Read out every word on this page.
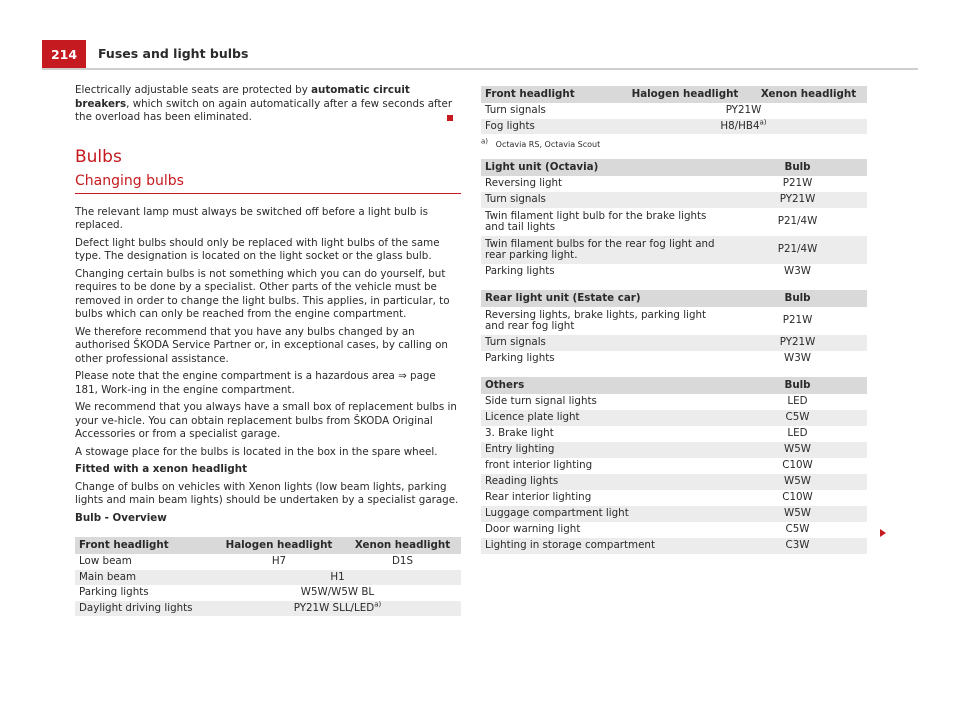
214	Fuses and light bulbs

Electrically adjustable seats are protected by automatic circuit breakers, which switch on again automatically after a few seconds after the overload has been eliminated.

Bulbs
Changing bulbs

The relevant lamp must always be switched off before a light bulb is replaced.

Defect light bulbs should only be replaced with light bulbs of the same type. The designation is located on the light socket or the glass bulb.

Changing certain bulbs is not something which you can do yourself, but requires to be done by a specialist. Other parts of the vehicle must be removed in order to change the light bulbs. This applies, in particular, to bulbs which can only be reached from the engine compartment.

We therefore recommend that you have any bulbs changed by an authorised ŠKODA Service Partner or, in exceptional cases, by calling on other professional assistance.

Please note that the engine compartment is a hazardous area ⇒ page 181, Work-ing in the engine compartment.

We recommend that you always have a small box of replacement bulbs in your ve-hicle. You can obtain replacement bulbs from ŠKODA Original Accessories or from a specialist garage.

A stowage place for the bulbs is located in the box in the spare wheel.

Fitted with a xenon headlight

Change of bulbs on vehicles with Xenon lights (low beam lights, parking lights and main beam lights) should be undertaken by a specialist garage.

Bulb - Overview

Front headlight	Halogen headlight	Xenon headlight
Low beam	H7	D1S
Main beam	H1	
Parking lights	W5W/W5W BL	
Daylight driving lights	PY21W SLL/LED$^{a)}$
Front headlight	Halogen headlight	Xenon headlight
Turn signals	PY21W	
Fog lights	H8/HB4$^{a)}$
$^{a)}$ Octavia RS, Octavia Scout
Light unit (Octavia)	Bulb
Reversing light	P21W
Turn signals	PY21W
Twin filament light bulb for the brake lights and tail lights	P21/4W
Twin filament bulbs for the rear fog light and rear parking light.	P21/4W
Parking lights	W3W
Rear light unit (Estate car)	Bulb
Reversing lights, brake lights, parking light and rear fog light	P21W
Turn signals	PY21W
Parking lights	W3W
Others	Bulb
Side turn signal lights	LED
Licence plate light	C5W
3. Brake light	LED
Entry lighting	W5W
front interior lighting	C10W
Reading lights	W5W
Rear interior lighting	C10W
Luggage compartment light	W5W
Door warning light	C5W
Lighting in storage compartment	C3W
